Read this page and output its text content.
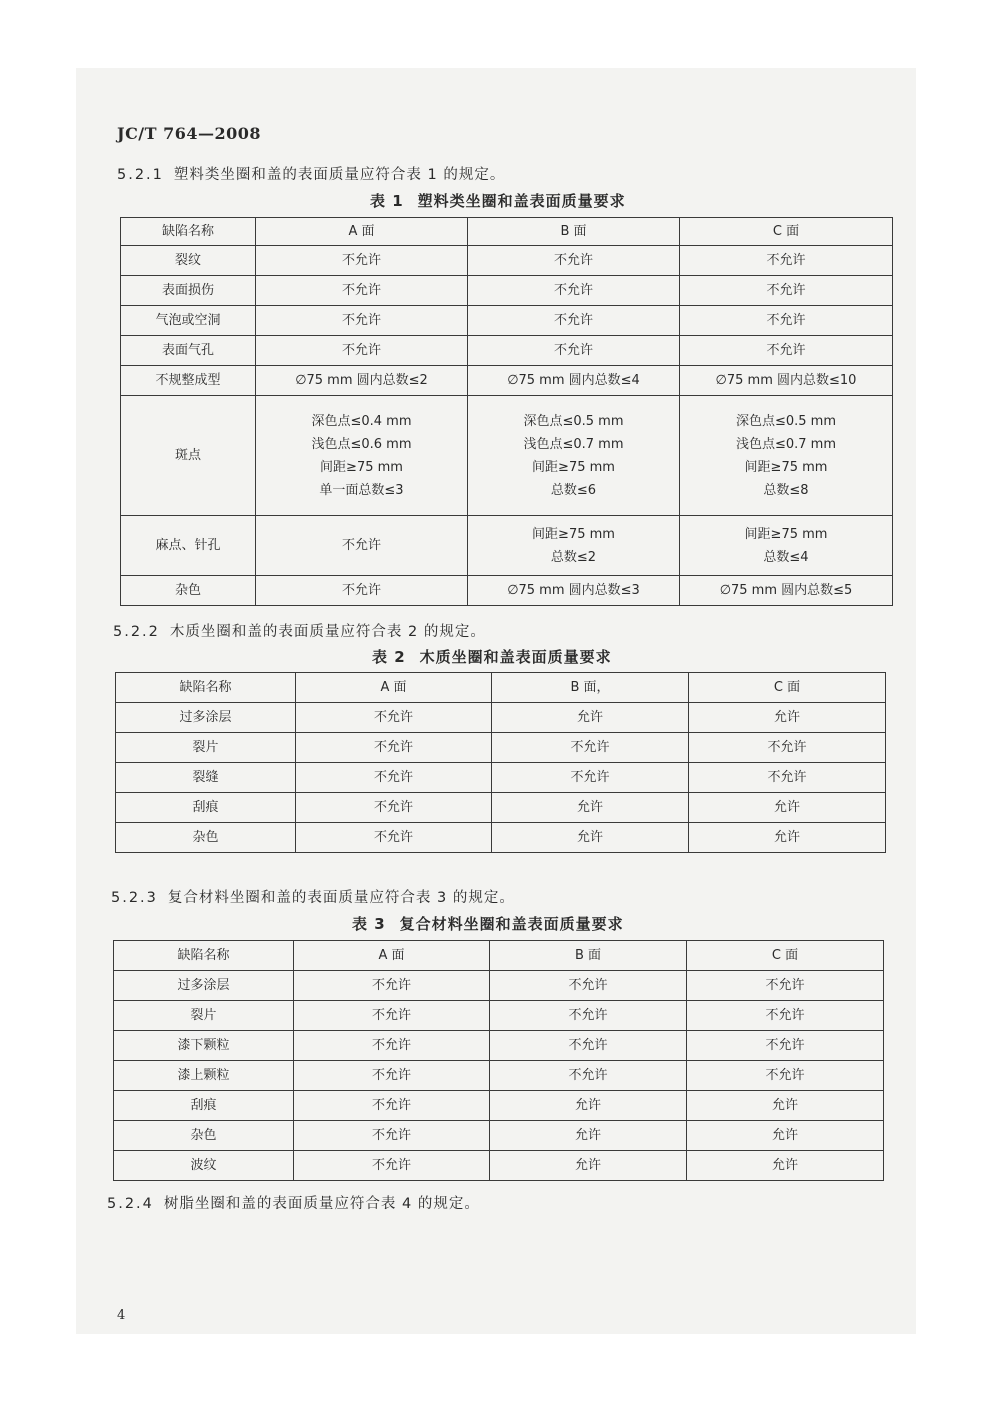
JC/T 764—2008
5.2.1 塑料类坐圈和盖的表面质量应符合表 1 的规定。
表 1 塑料类坐圈和盖表面质量要求
缺陷名称	A 面	B 面	C 面
裂纹	不允许	不允许	不允许

表面损伤	不允许	不允许	不允许

气泡或空洞	不允许	不允许	不允许

表面气孔	不允许	不允许	不允许

不规整成型	∅75 mm 圆内总数≤2	∅75 mm 圆内总数≤4	∅75 mm 圆内总数≤10

斑点	深色点≤0.4 mm
浅色点≤0.6 mm
间距≥75 mm
单一面总数≤3	深色点≤0.5 mm
浅色点≤0.7 mm
间距≥75 mm
总数≤6	深色点≤0.5 mm
浅色点≤0.7 mm
间距≥75 mm
总数≤8

麻点、针孔	不允许	间距≥75 mm
总数≤2	间距≥75 mm
总数≤4

杂色	不允许	∅75 mm 圆内总数≤3	∅75 mm 圆内总数≤5
5.2.2 木质坐圈和盖的表面质量应符合表 2 的规定。
表 2 木质坐圈和盖表面质量要求
缺陷名称	A 面	B 面，	C 面
过多涂层	不允许	允许	允许

裂片	不允许	不允许	不允许

裂缝	不允许	不允许	不允许

刮痕	不允许	允许	允许

杂色	不允许	允许	允许
5.2.3 复合材料坐圈和盖的表面质量应符合表 3 的规定。
表 3 复合材料坐圈和盖表面质量要求
缺陷名称	A 面	B 面	C 面
过多涂层	不允许	不允许	不允许

裂片	不允许	不允许	不允许

漆下颗粒	不允许	不允许	不允许

漆上颗粒	不允许	不允许	不允许

刮痕	不允许	允许	允许

杂色	不允许	允许	允许

波纹	不允许	允许	允许
5.2.4 树脂坐圈和盖的表面质量应符合表 4 的规定。
4
